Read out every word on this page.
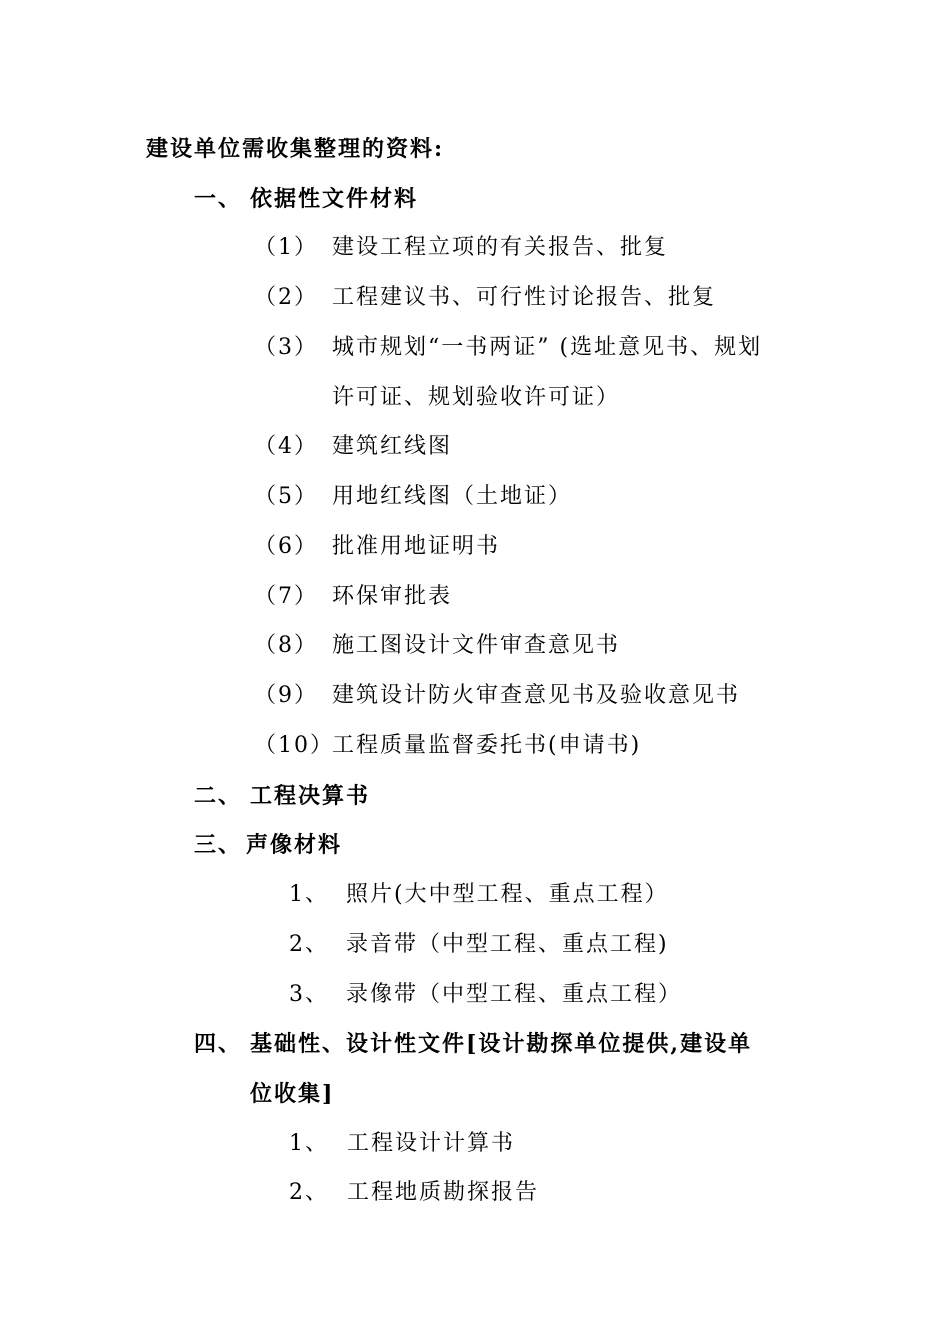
建设单位需收集整理的资料:
一、 依据性文件材料
（1） 建设工程立项的有关报告、批复
（2） 工程建议书、可行性讨论报告、批复
（3） 城市规划“一书两证” (选址意见书、规划
许可证、规划验收许可证）
（4） 建筑红线图
（5） 用地红线图（土地证）
（6） 批准用地证明书
（7） 环保审批表
（8） 施工图设计文件审查意见书
（9） 建筑设计防火审查意见书及验收意见书
（10）工程质量监督委托书(申请书)
二、 工程决算书
三、 声像材料
1、 照片(大中型工程、重点工程）
2、 录音带（中型工程、重点工程)
3、 录像带（中型工程、重点工程）
四、 基础性、设计性文件[设计勘探单位提供,建设单
位收集]
1、 工程设计计算书
2、 工程地质勘探报告
